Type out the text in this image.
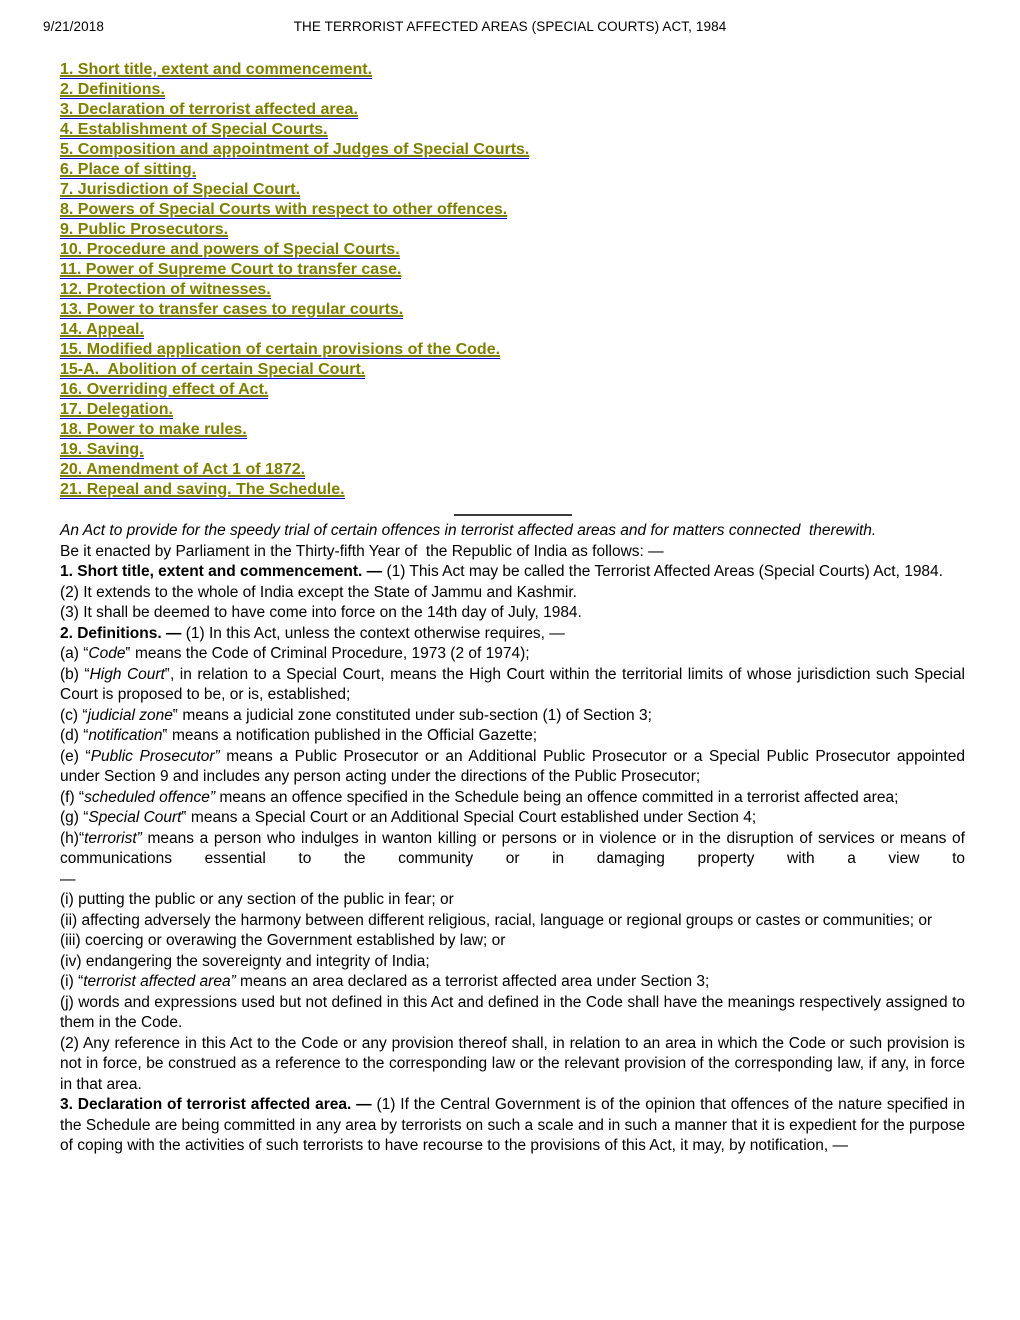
9/21/2018	THE TERRORIST AFFECTED AREAS (SPECIAL COURTS) ACT, 1984
1. Short title, extent and commencement.
2. Definitions.
3. Declaration of terrorist affected area.
4. Establishment of Special Courts.
5. Composition and appointment of Judges of Special Courts.
6. Place of sitting.
7. Jurisdiction of Special Court.
8. Powers of Special Courts with respect to other offences.
9. Public Prosecutors.
10. Procedure and powers of Special Courts.
11. Power of Supreme Court to transfer case.
12. Protection of witnesses.
13. Power to transfer cases to regular courts.
14. Appeal.
15. Modified application of certain provisions of the Code.
15-A.  Abolition of certain Special Court.
16. Overriding effect of Act.
17. Delegation.
18. Power to make rules.
19. Saving.
20. Amendment of Act 1 of 1872.
21. Repeal and saving. The Schedule.

An Act to provide for the speedy trial of certain offences in terrorist affected areas and for matters connected  therewith.

Be it enacted by Parliament in the Thirty-fifth Year of  the Republic of India as follows: —

1. Short title, extent and commencement. — (1) This Act may be called the Terrorist Affected Areas (Special Courts) Act, 1984.

(2) It extends to the whole of India except the State of Jammu and Kashmir.

(3) It shall be deemed to have come into force on the 14th day of July, 1984.

2. Definitions. — (1) In this Act, unless the context otherwise requires, —

(a) “Code‟ means the Code of Criminal Procedure, 1973 (2 of 1974);

(b) “High Court‟, in relation to a Special Court, means the High Court within the territorial limits of whose jurisdiction such Special Court is proposed to be, or is, established;

(c) “judicial zone‟ means a judicial zone constituted under sub-section (1) of Section 3;

(d) “notification‟ means a notification published in the Official Gazette;

(e) “Public Prosecutor” means a Public Prosecutor or an Additional Public Prosecutor or a Special Public Prosecutor appointed under Section 9 and includes any person acting under the directions of the Public Prosecutor;

(f) “scheduled offence” means an offence specified in the Schedule being an offence committed in a terrorist affected area;

(g) “Special Court‟ means a Special Court or an Additional Special Court established under Section 4;

(h)“terrorist” means a person who indulges in wanton killing or persons or in violence or in the disruption of services or means of communications essential to the community or in damaging property with a view to

—

(i) putting the public or any section of the public in fear; or

(ii) affecting adversely the harmony between different religious, racial, language or regional groups or castes or communities; or

(iii) coercing or overawing the Government established by law; or

(iv) endangering the sovereignty and integrity of India;

(i) “terrorist affected area” means an area declared as a terrorist affected area under Section 3;

(j) words and expressions used but not defined in this Act and defined in the Code shall have the meanings respectively assigned to them in the Code.

(2) Any reference in this Act to the Code or any provision thereof shall, in relation to an area in which the Code or such provision is not in force, be construed as a reference to the corresponding law or the relevant provision of the corresponding law, if any, in force in that area.

3. Declaration of terrorist affected area. — (1) If the Central Government is of the opinion that offences of the nature specified in the Schedule are being committed in any area by terrorists on such a scale and in such a manner that it is expedient for the purpose of coping with the activities of such terrorists to have recourse to the provisions of this Act, it may, by notification, —
